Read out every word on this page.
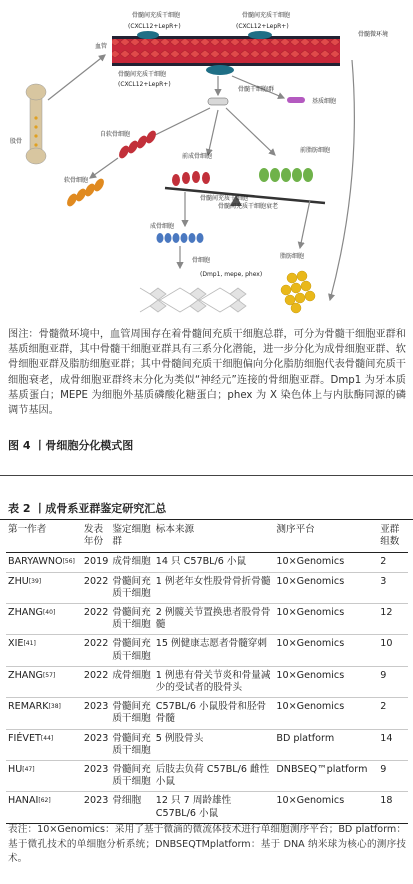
骨髓间充质干细胞
(CXCL12+LepR+)
骨髓间充质干细胞
(CXCL12+LepR+)
骨髓微环境
血管
骨髓间充质干细胞
(CXCL12+LepR+)
骨髓干细胞群
基质细胞
股骨
自软骨细胞
软骨细胞
前成骨细胞
前脂肪细胞
骨髓间充质干细胞
骨髓间充质干细胞衰老
成骨细胞
骨细胞
(Dmp1, mepe, phex)
脂肪细胞
图注：骨髓微环境中，血管周围存在着骨髓间充质干细胞总群，可分为骨髓干细胞亚群和基质细胞亚群，其中骨髓干细胞亚群具有三系分化潜能，进一步分化为成骨细胞亚群、软骨细胞亚群及脂肪细胞亚群；其中骨髓间充质干细胞偏向分化脂肪细胞代表骨髓间充质干细胞衰老，成骨细胞亚群终末分化为类似“神经元”连接的骨细胞亚群。Dmp1 为牙本质基质蛋白；MEPE 为细胞外基质磷酸化糖蛋白；phex 为 X 染色体上与内肽酶同源的磷调节基因。
图 4 丨骨细胞分化模式图
表 2 丨成骨系亚群鉴定研究汇总
第一作者	发表年份	鉴定细胞群	标本来源	测序平台	亚群组数
BARYAWNO[56]	2019	成骨细胞	14 只 C57BL/6 小鼠	10×Genomics	2
ZHU[39]	2022	骨髓间充质干细胞	1 例老年女性股骨骨折骨髓	10×Genomics	3
ZHANG[40]	2022	骨髓间充质干细胞	2 例髋关节置换患者股骨骨髓	10×Genomics	12
XIE[41]	2022	骨髓间充质干细胞	15 例健康志愿者骨髓穿刺	10×Genomics	10
ZHANG[57]	2022	成骨细胞	1 例患有骨关节炎和骨量减少的受试者的股骨头	10×Genomics	9
REMARK[38]	2023	骨髓间充质干细胞	C57BL/6 小鼠股骨和胫骨骨髓	10×Genomics	2
FIÉVET[44]	2023	骨髓间充质干细胞	5 例股骨头	BD platform	14
HU[47]	2023	骨髓间充质干细胞	后肢去负荷 C57BL/6 雌性小鼠	DNBSEQ™platform	9
HANAI[62]	2023	骨细胞	12 只 7 周龄雄性 C57BL/6 小鼠	10×Genomics	18
表注：10×Genomics：采用了基于微滴的微流体技术进行单细胞测序平台；BD platform：基于微孔技术的单细胞分析系统；DNBSEQTMplatform：基于 DNA 纳米球为核心的测序技术。
